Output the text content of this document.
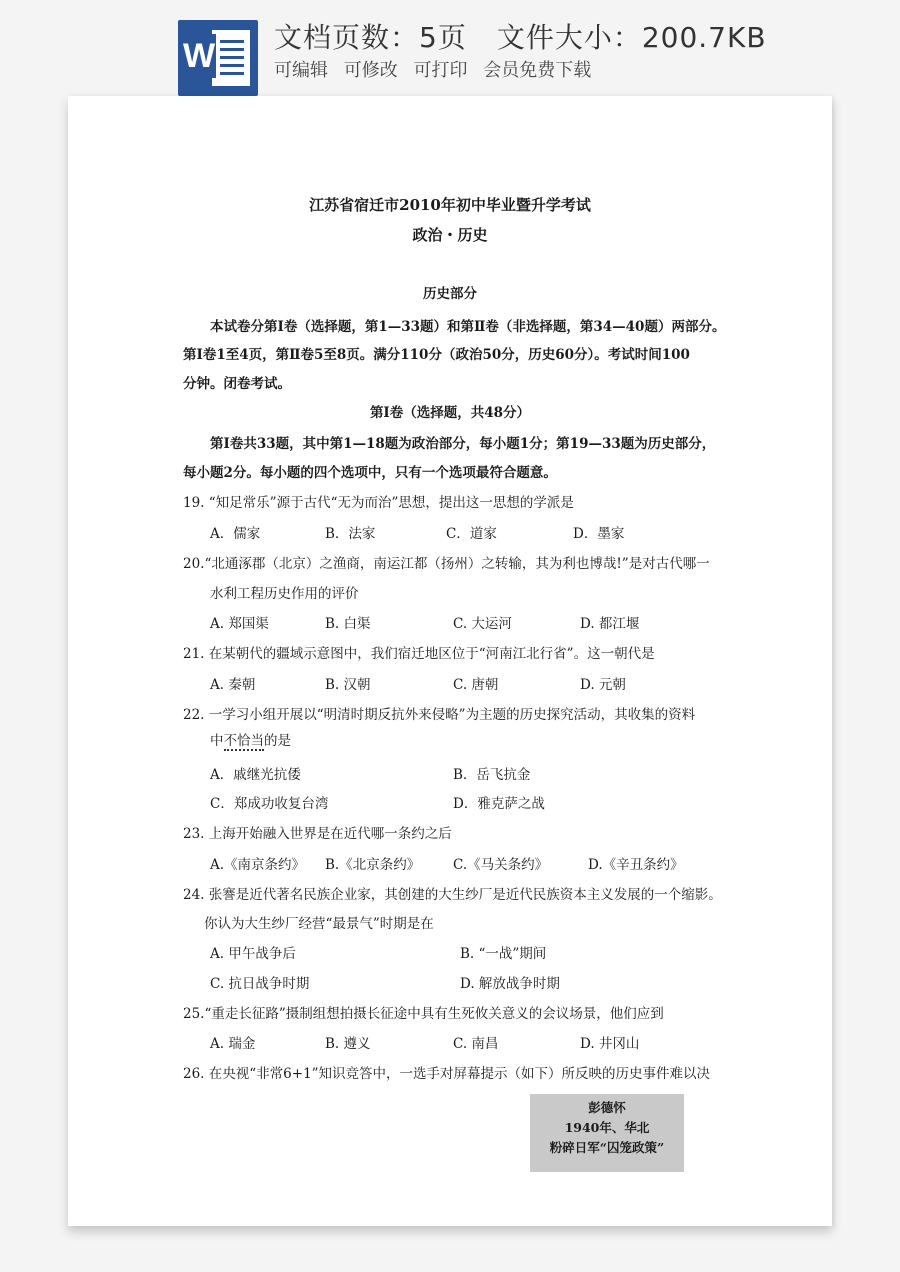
W 文档页数：5页 文件大小：200.7KB
可编辑 可修改 可打印 会员免费下载
江苏省宿迁市2010年初中毕业暨升学考试
政治・历史
历史部分
本试卷分第Ⅰ卷（选择题，第1—33题）和第Ⅱ卷（非选择题，第34—40题）两部分。
第Ⅰ卷1至4页，第Ⅱ卷5至8页。满分110分（政治50分，历史60分）。考试时间100
分钟。闭卷考试。
第Ⅰ卷（选择题，共48分）
第Ⅰ卷共33题，其中第1—18题为政治部分，每小题1分；第19—33题为历史部分，
每小题2分。每小题的四个选项中，只有一个选项最符合题意。
19. “知足常乐”源于古代“无为而治”思想，提出这一思想的学派是
A．儒家	B．法家	C．道家	D．墨家
20.“北通涿郡（北京）之渔商，南运江都（扬州）之转输，其为利也博哉!”是对古代哪一
水利工程历史作用的评价
A. 郑国渠	B. 白渠	C. 大运河	D. 都江堰
21. 在某朝代的疆域示意图中，我们宿迁地区位于“河南江北行省”。这一朝代是
A. 秦朝	B. 汉朝	C. 唐朝	D. 元朝
22. 一学习小组开展以“明清时期反抗外来侵略”为主题的历史探究活动，其收集的资料
中不恰当的是
A．戚继光抗倭	B．岳飞抗金
C．郑成功收复台湾	D．雅克萨之战
23. 上海开始融入世界是在近代哪一条约之后
A.《南京条约》 B.《北京条约》 C.《马关条约》	D.《辛丑条约》
24. 张謇是近代著名民族企业家，其创建的大生纱厂是近代民族资本主义发展的一个缩影。
你认为大生纱厂经营“最景气”时期是在
A. 甲午战争后	B. “一战”期间
C. 抗日战争时期	D. 解放战争时期
25.“重走长征路”摄制组想拍摄长征途中具有生死攸关意义的会议场景，他们应到
A. 瑞金	B. 遵义	C. 南昌	D. 井冈山
26. 在央视“非常6+1”知识竞答中，一选手对屏幕提示（如下）所反映的历史事件难以决
彭德怀
1940年、华北
粉碎日军“囚笼政策”
